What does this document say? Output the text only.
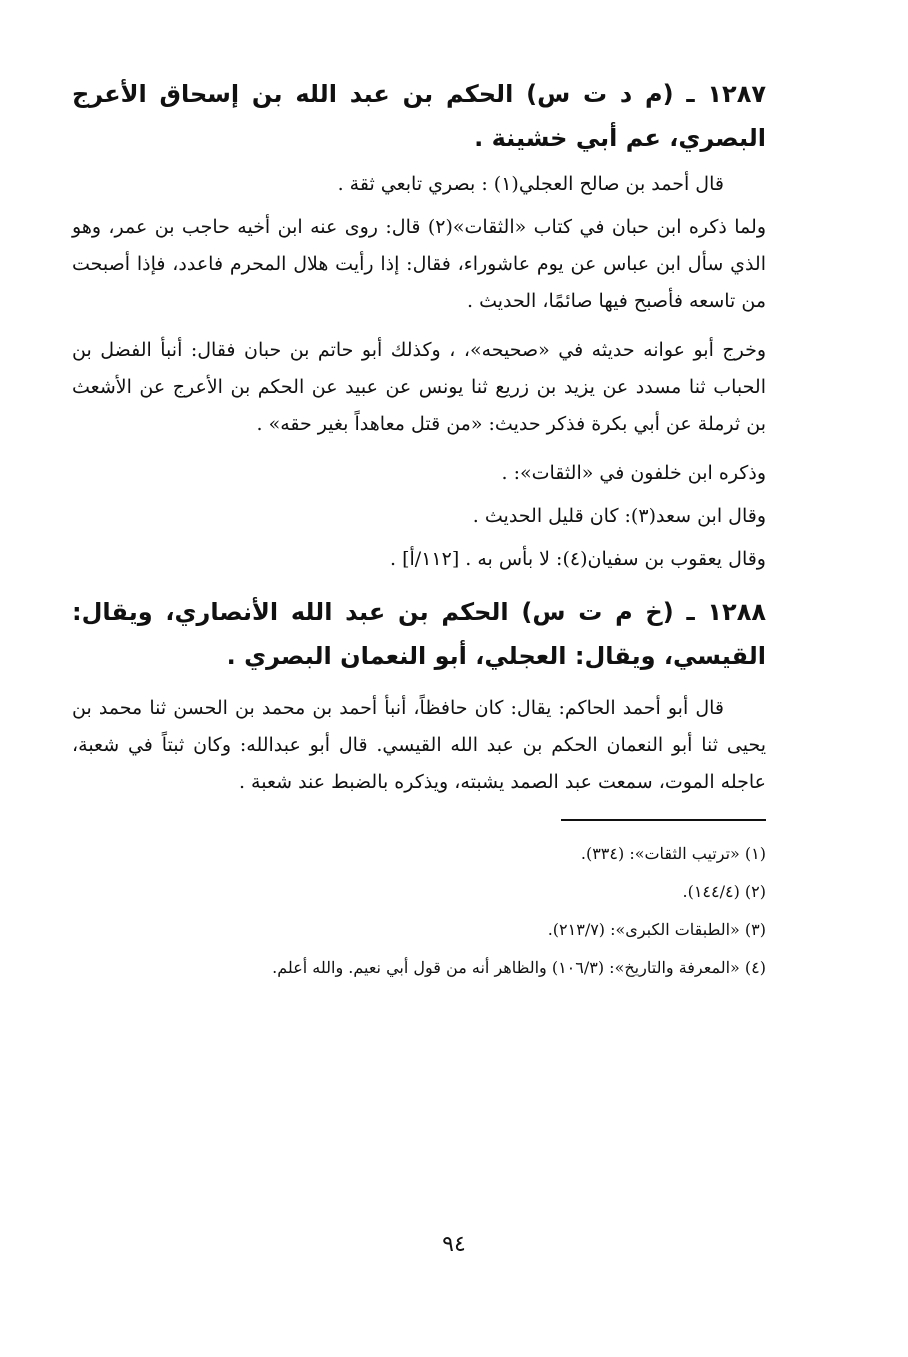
١٢٨٧ ـ (م د ت س) الحكم بن عبد الله بن إسحاق الأعرج البصري، عم أبي خشينة .

قال أحمد بن صالح العجلي(١) : بصري تابعي ثقة .

ولما ذكره ابن حبان في كتاب «الثقات»(٢) قال: روى عنه ابن أخيه حاجب بن عمر، وهو الذي سأل ابن عباس عن يوم عاشوراء، فقال: إذا رأيت هلال المحرم فاعدد، فإذا أصبحت من تاسعه فأصبح فيها صائمًا، الحديث .

وخرج أبو عوانه حديثه في «صحيحه»، ، وكذلك أبو حاتم بن حبان فقال: أنبأ الفضل بن الحباب ثنا مسدد عن يزيد بن زريع ثنا يونس عن عبيد عن الحكم بن الأعرج عن الأشعث بن ثرملة عن أبي بكرة فذكر حديث: «من قتل معاهداً بغير حقه» .

وذكره ابن خلفون في «الثقات»: .

وقال ابن سعد(٣): كان قليل الحديث .

وقال يعقوب بن سفيان(٤): لا بأس به . [١١٢/أ] .

١٢٨٨ ـ (خ م ت س) الحكم بن عبد الله الأنصاري، ويقال: القيسي، ويقال: العجلي، أبو النعمان البصري .

قال أبو أحمد الحاكم: يقال: كان حافظاً، أنبأ أحمد بن محمد بن الحسن ثنا محمد بن يحيى ثنا أبو النعمان الحكم بن عبد الله القيسي. قال أبو عبدالله: وكان ثبتاً في شعبة، عاجله الموت، سمعت عبد الصمد يشبته، ويذكره بالضبط عند شعبة .

(١) «ترتيب الثقات»: (٣٣٤).

(٢) (١٤٤/٤).

(٣) «الطبقات الكبرى»: (٢١٣/٧).

(٤) «المعرفة والتاريخ»: (١٠٦/٣) والظاهر أنه من قول أبي نعيم. والله أعلم.

٩٤
